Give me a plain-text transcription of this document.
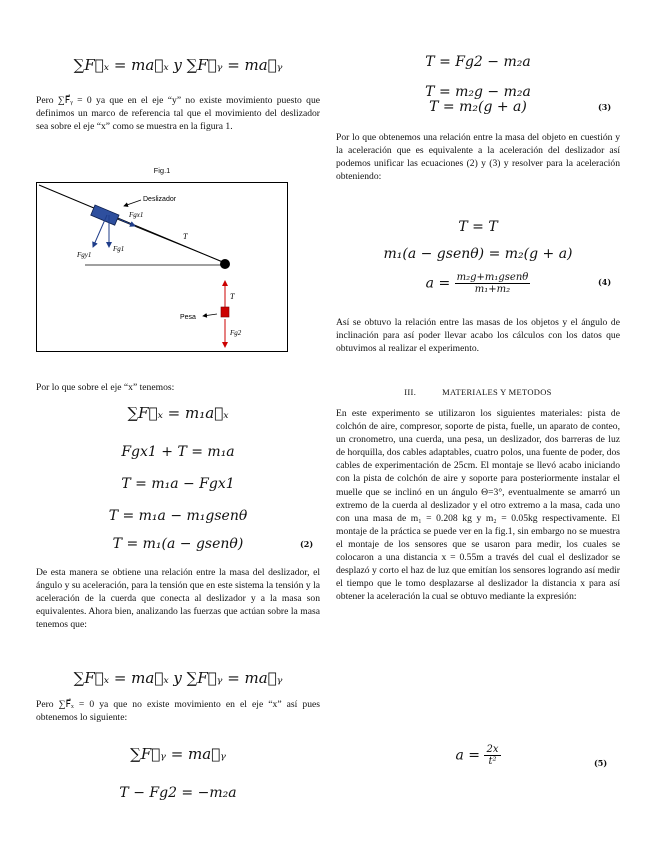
∑F⃗ₓ = ma⃗ₓ y ∑F⃗ᵧ = ma⃗ᵧ

Pero ∑F⃗ᵧ = 0 ya que en el eje “y” no existe movimiento puesto que definimos un marco de referencia tal que el movimiento del deslizador sea sobre el eje “x” como se muestra en la figura 1.

Por lo que sobre el eje “x” tenemos:
∑F⃗ₓ = m₁a⃗ₓ
Fgx1 + T = m₁a
T = m₁a − Fgx1
T = m₁a − m₁gsenθ
T = m₁(a − gsenθ)	(2)

De esta manera se obtiene una relación entre la masa del deslizador, el ángulo y su aceleración, para la tensión que en este sistema la tensión y la aceleración de la cuerda que conecta al deslizador y a la masa son equivalentes. Ahora bien, analizando las fuerzas que actúan sobre la masa tenemos que:

∑F⃗ₓ = ma⃗ₓ y ∑F⃗ᵧ = ma⃗ᵧ

Pero ∑F⃗ₓ = 0 ya que no existe movimiento en el eje “x” así pues obtenemos lo siguiente:

∑F⃗ᵧ = ma⃗ᵧ
T − Fg2 = −m₂a
Fig.1
Deslizador
Fgx1
Fgy1
Fg1
T
T
Pesa
Fg2
T = Fg2 − m₂a
T = m₂g − m₂a
T = m₂(g + a)	(3)

Por lo que obtenemos una relación entre la masa del objeto en cuestión y la aceleración que es equivalente a la aceleración del deslizador así podemos unificar las ecuaciones (2) y (3) y resolver para la aceleración obteniendo:

T = T
m₁(a − gsenθ) = m₂(g + a)
$a = \frac{\text{m₂g+m₁gsenθ}}{\text{m₁+m₂}}$	(4)

Así se obtuvo la relación entre las masas de los objetos y el ángulo de inclinación para así poder llevar acabo los cálculos con los datos que obtuvimos al realizar el experimento.

En este experimento se utilizaron los siguientes materiales: pista de colchón de aire, compresor, soporte de pista, fuelle, un aparato de conteo, un cronometro, una cuerda, una pesa, un deslizador, dos barreras de luz de horquilla, dos cables adaptables, cuatro polos, una fuente de poder, dos cables de experimentación de 25cm. El montaje se llevó acabo iniciando con la pista de colchón de aire y soporte para posteriormente instalar el muelle que se inclinó en un ángulo Θ=3°, eventualmente se amarró un extremo de la cuerda al deslizador y el otro extremo a la masa, cada uno con una masa de m₁ = 0.208 kg y m₂ = 0.05kg respectivamente. El montaje de la práctica se puede ver en la fig.1, sin embargo no se muestra el montaje de los sensores que se usaron para medir, los cuales se colocaron a una distancia x = 0.55m a través del cual el deslizador se desplazó y corto el haz de luz que emitían los sensores logrando así medir el tiempo que le tomo desplazarse al deslizador la distancia x para así obtener la aceleración la cual se obtuvo mediante la expresión:

$a = \frac{2x}{\text{t²}}$	(5)
III.	MATERIALES Y METODOS
